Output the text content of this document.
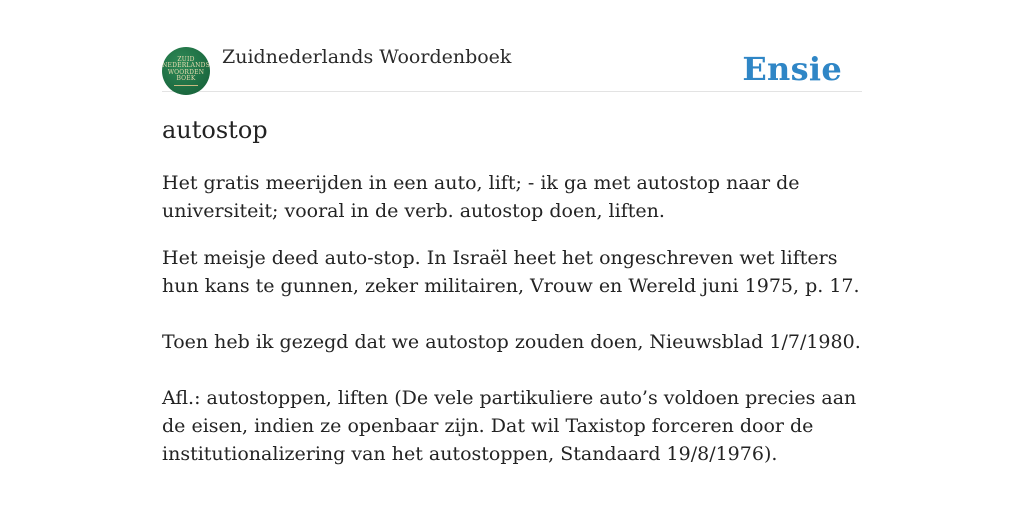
ZUID
NEDERLANDS
WOORDEN
BOEK
Zuidnederlands Woordenboek	Ensie
autostop

Het gratis meerijden in een auto, lift; - ik ga met autostop naar de universiteit; vooral in de verb. autostop doen, liften.

Het meisje deed auto-stop. In Israël heet het ongeschreven wet lifters hun kans te gunnen, zeker militairen, Vrouw en Wereld juni 1975, p. 17.

Toen heb ik gezegd dat we autostop zouden doen, Nieuwsblad 1/7/1980.

Afl.: autostoppen, liften (De vele partikuliere auto’s voldoen precies aan de eisen, indien ze openbaar zijn. Dat wil Taxistop forceren door de institutionalizering van het autostoppen, Standaard 19/8/1976).
